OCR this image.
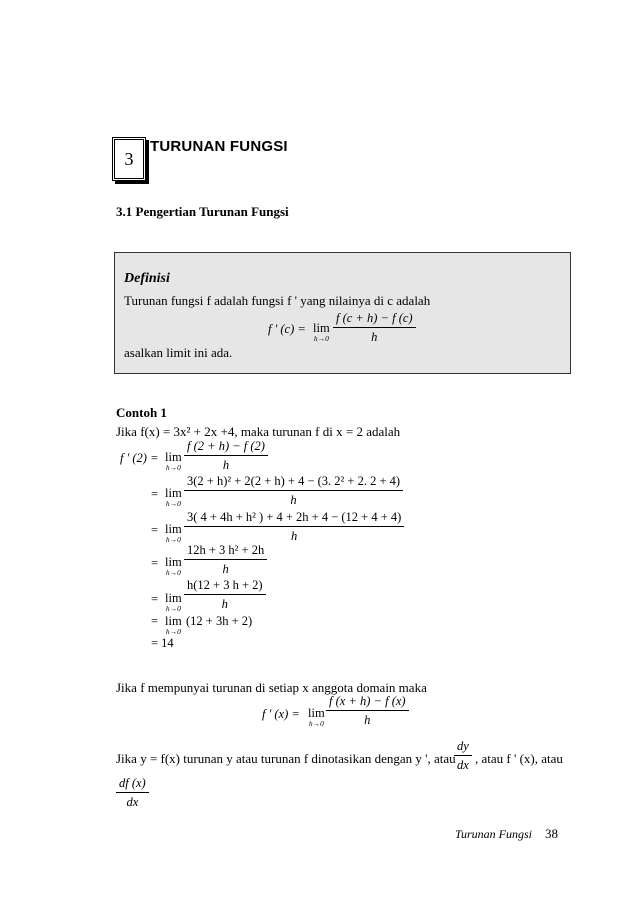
3
TURUNAN FUNGSI
3.1 Pengertian Turunan Fungsi
Definisi
Turunan fungsi f adalah fungsi f ' yang nilainya di c adalah
f ' (c) = lim
$h\to 0 \frac{f (c + h) - f (c)}{h}$
asalkan limit ini ada.
Contoh 1
Jika f(x) = 3x² + 2x +4, maka turunan f di x = 2 adalah
f ' (2) = lim
$h\to 0 \frac{f (2 + h) - f (2)}{h}$
= lim
$h\to 0 \frac{\text{3(2 + h)² + 2(2 + h) + 4 − (3. 2² + 2. 2 + 4)}}{h}$
= lim
$h\to 0 \frac{\text{3( 4 + 4h + h² ) + 4 + 2h + 4 − (12 + 4 + 4)}}{h}$
= lim
$h\to 0 \frac{\text{12h + 3 h² + 2h}}{h}$
= lim
$h\to 0 \frac{h(12 + 3 h + 2)}{h}$
= lim
h→0
(12 + 3h + 2)
= 14
Jika f mempunyai turunan di setiap x anggota domain maka
f ' (x) = lim
$h\to 0 \frac{f (x + h) - f (x)}{h}$
Jika y = f(x) turunan y atau turunan f dinotasikan dengan y ', atau
$\frac{dy}{dx}$ , atau f ' (x), atau
$\frac{df (x)}{dx}$
Turunan Fungsi 38
